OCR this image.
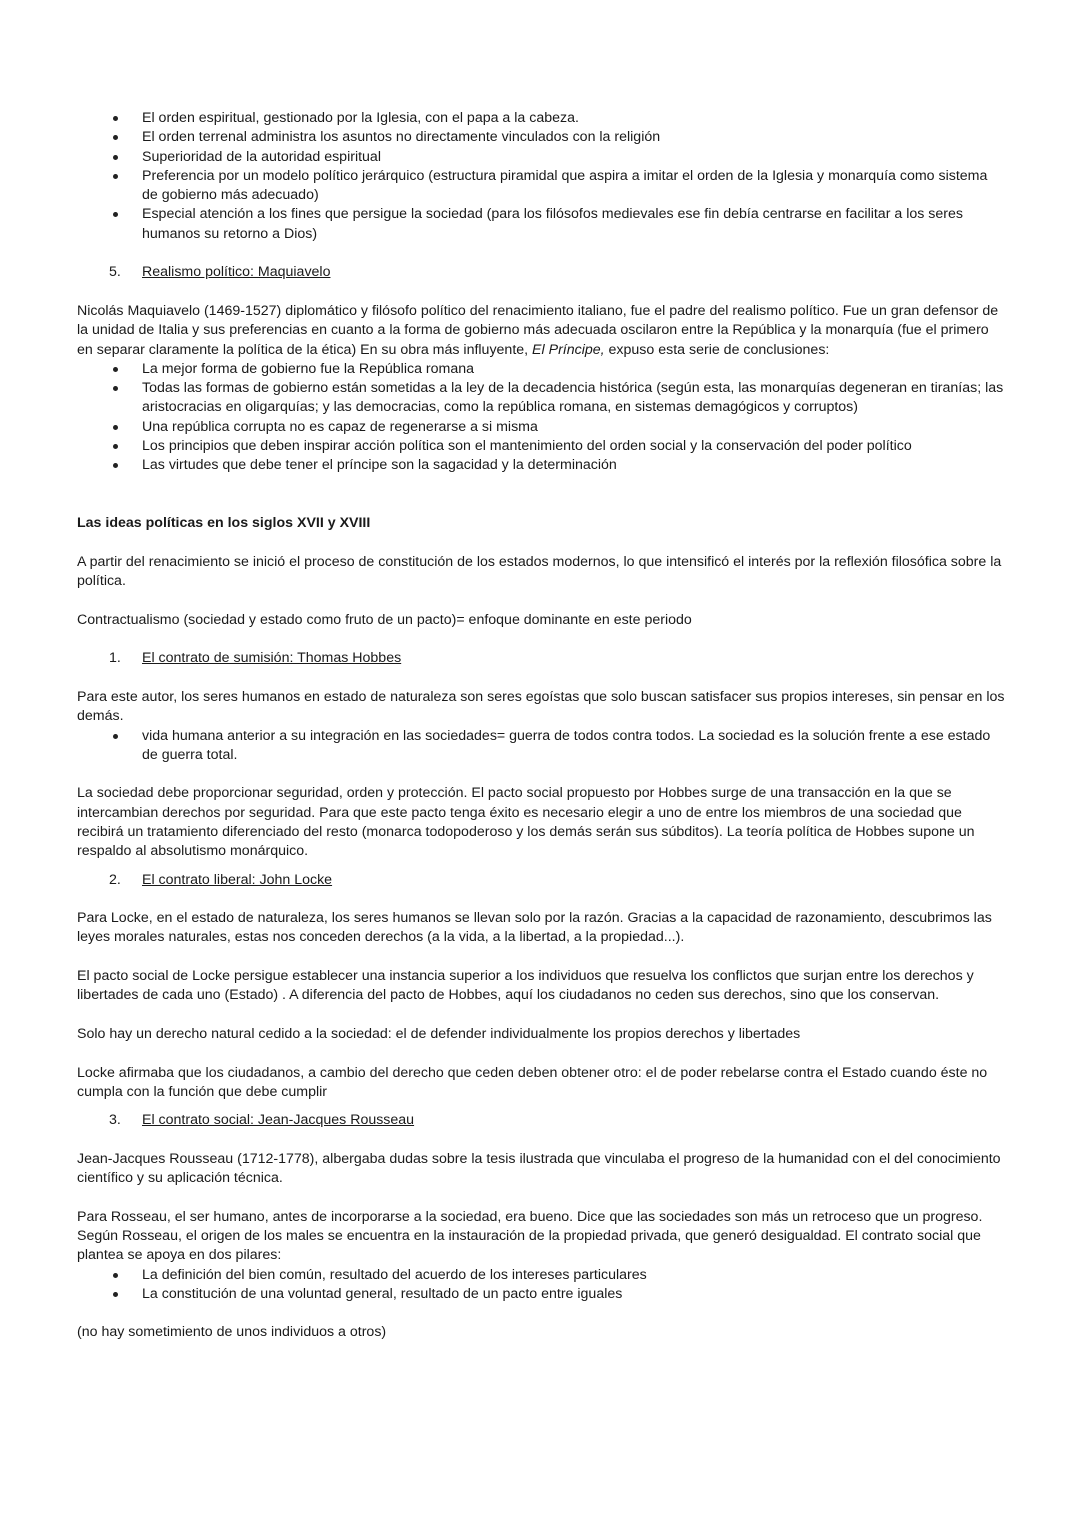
El orden espiritual, gestionado por la Iglesia, con el papa a la cabeza.
El orden terrenal administra los asuntos no directamente vinculados con la religión
Superioridad de la autoridad espiritual
Preferencia por un modelo político jerárquico (estructura piramidal que aspira a imitar el orden de la Iglesia y monarquía como sistema de gobierno más adecuado)
Especial atención a los fines que persigue la sociedad (para los filósofos medievales ese fin debía centrarse en facilitar a los seres humanos su retorno a Dios)
5. Realismo político: Maquiavelo

Nicolás Maquiavelo (1469-1527) diplomático y filósofo político del renacimiento italiano, fue el padre del realismo político. Fue un gran defensor de la unidad de Italia y sus preferencias en cuanto a la forma de gobierno más adecuada oscilaron entre la República y la monarquía (fue el primero en separar claramente la política de la ética) En su obra más influyente, El Príncipe, expuso esta serie de conclusiones:

La mejor forma de gobierno fue la República romana
Todas las formas de gobierno están sometidas a la ley de la decadencia histórica (según esta, las monarquías degeneran en tiranías; las aristocracias en oligarquías; y las democracias, como la república romana, en sistemas demagógicos y corruptos)
Una república corrupta no es capaz de regenerarse a si misma
Los principios que deben inspirar acción política son el mantenimiento del orden social y la conservación del poder político
Las virtudes que debe tener el príncipe son la sagacidad y la determinación

Las ideas políticas en los siglos XVII y XVIII

A partir del renacimiento se inició el proceso de constitución de los estados modernos, lo que intensificó el interés por la reflexión filosófica sobre la política.

Contractualismo (sociedad y estado como fruto de un pacto)= enfoque dominante en este periodo

1. El contrato de sumisión: Thomas Hobbes

Para este autor, los seres humanos en estado de naturaleza son seres egoístas que solo buscan satisfacer sus propios intereses, sin pensar en los demás.

vida humana anterior a su integración en las sociedades= guerra de todos contra todos. La sociedad es la solución frente a ese estado de guerra total.

La sociedad debe proporcionar seguridad, orden y protección. El pacto social propuesto por Hobbes surge de una transacción en la que se intercambian derechos por seguridad. Para que este pacto tenga éxito es necesario elegir a uno de entre los miembros de una sociedad que recibirá un tratamiento diferenciado del resto (monarca todopoderoso y los demás serán sus súbditos). La teoría política de Hobbes supone un respaldo al absolutismo monárquico.

2. El contrato liberal: John Locke

Para Locke, en el estado de naturaleza, los seres humanos se llevan solo por la razón. Gracias a la capacidad de razonamiento, descubrimos las leyes morales naturales, estas nos conceden derechos (a la vida, a la libertad, a la propiedad...).

El pacto social de Locke persigue establecer una instancia superior a los individuos que resuelva los conflictos que surjan entre los derechos y libertades de cada uno (Estado) . A diferencia del pacto de Hobbes, aquí los ciudadanos no ceden sus derechos, sino que los conservan.

Solo hay un derecho natural cedido a la sociedad: el de defender individualmente los propios derechos y libertades

Locke afirmaba que los ciudadanos, a cambio del derecho que ceden deben obtener otro: el de poder rebelarse contra el Estado cuando éste no cumpla con la función que debe cumplir

3. El contrato social: Jean-Jacques Rousseau

Jean-Jacques Rousseau (1712-1778), albergaba dudas sobre la tesis ilustrada que vinculaba el progreso de la humanidad con el del conocimiento científico y su aplicación técnica.

Para Rosseau, el ser humano, antes de incorporarse a la sociedad, era bueno. Dice que las sociedades son más un retroceso que un progreso. Según Rosseau, el origen de los males se encuentra en la instauración de la propiedad privada, que generó desigualdad. El contrato social que plantea se apoya en dos pilares:

La definición del bien común, resultado del acuerdo de los intereses particulares
La constitución de una voluntad general, resultado de un pacto entre iguales

(no hay sometimiento de unos individuos a otros)
